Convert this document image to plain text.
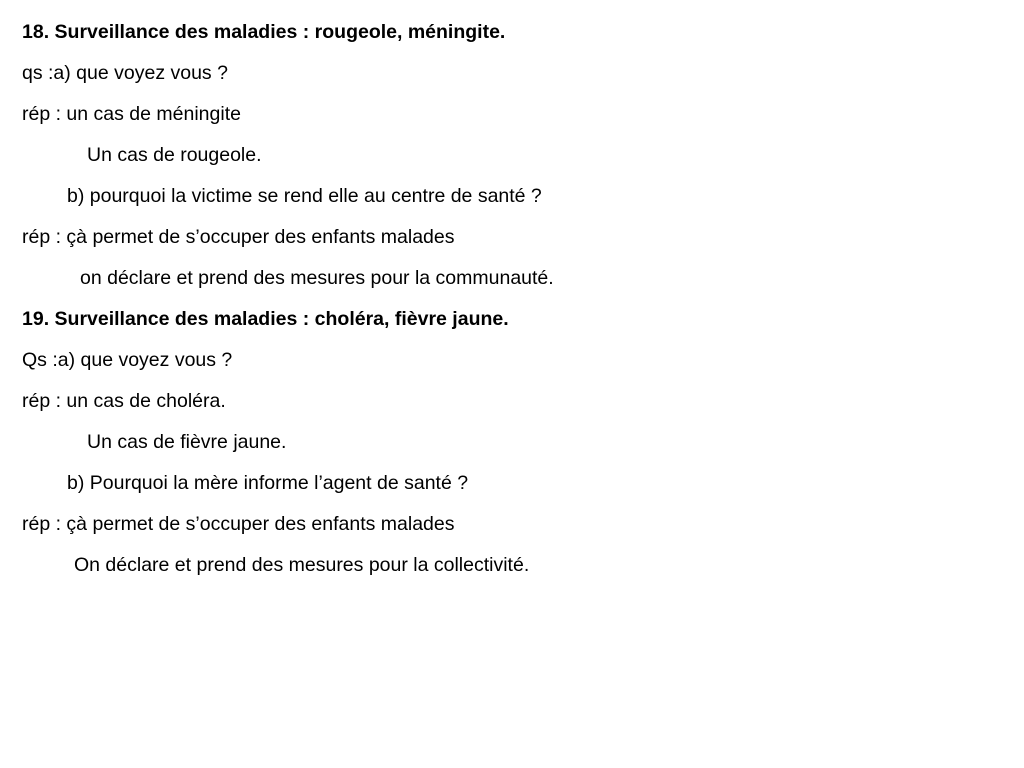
18. Surveillance des maladies : rougeole, méningite.
qs :a) que voyez vous ?
rép : un cas de méningite
Un cas de rougeole.
b) pourquoi la victime se rend elle au centre de santé ?
rép : çà permet de s’occuper des enfants malades
on déclare et prend des mesures pour la communauté.
19. Surveillance des maladies : choléra, fièvre jaune.
Qs :a) que voyez vous ?
rép : un cas de choléra.
Un cas de fièvre jaune.
b) Pourquoi la mère informe l’agent de santé ?
rép : çà permet de s’occuper des enfants malades
On déclare et prend des mesures pour la collectivité.
